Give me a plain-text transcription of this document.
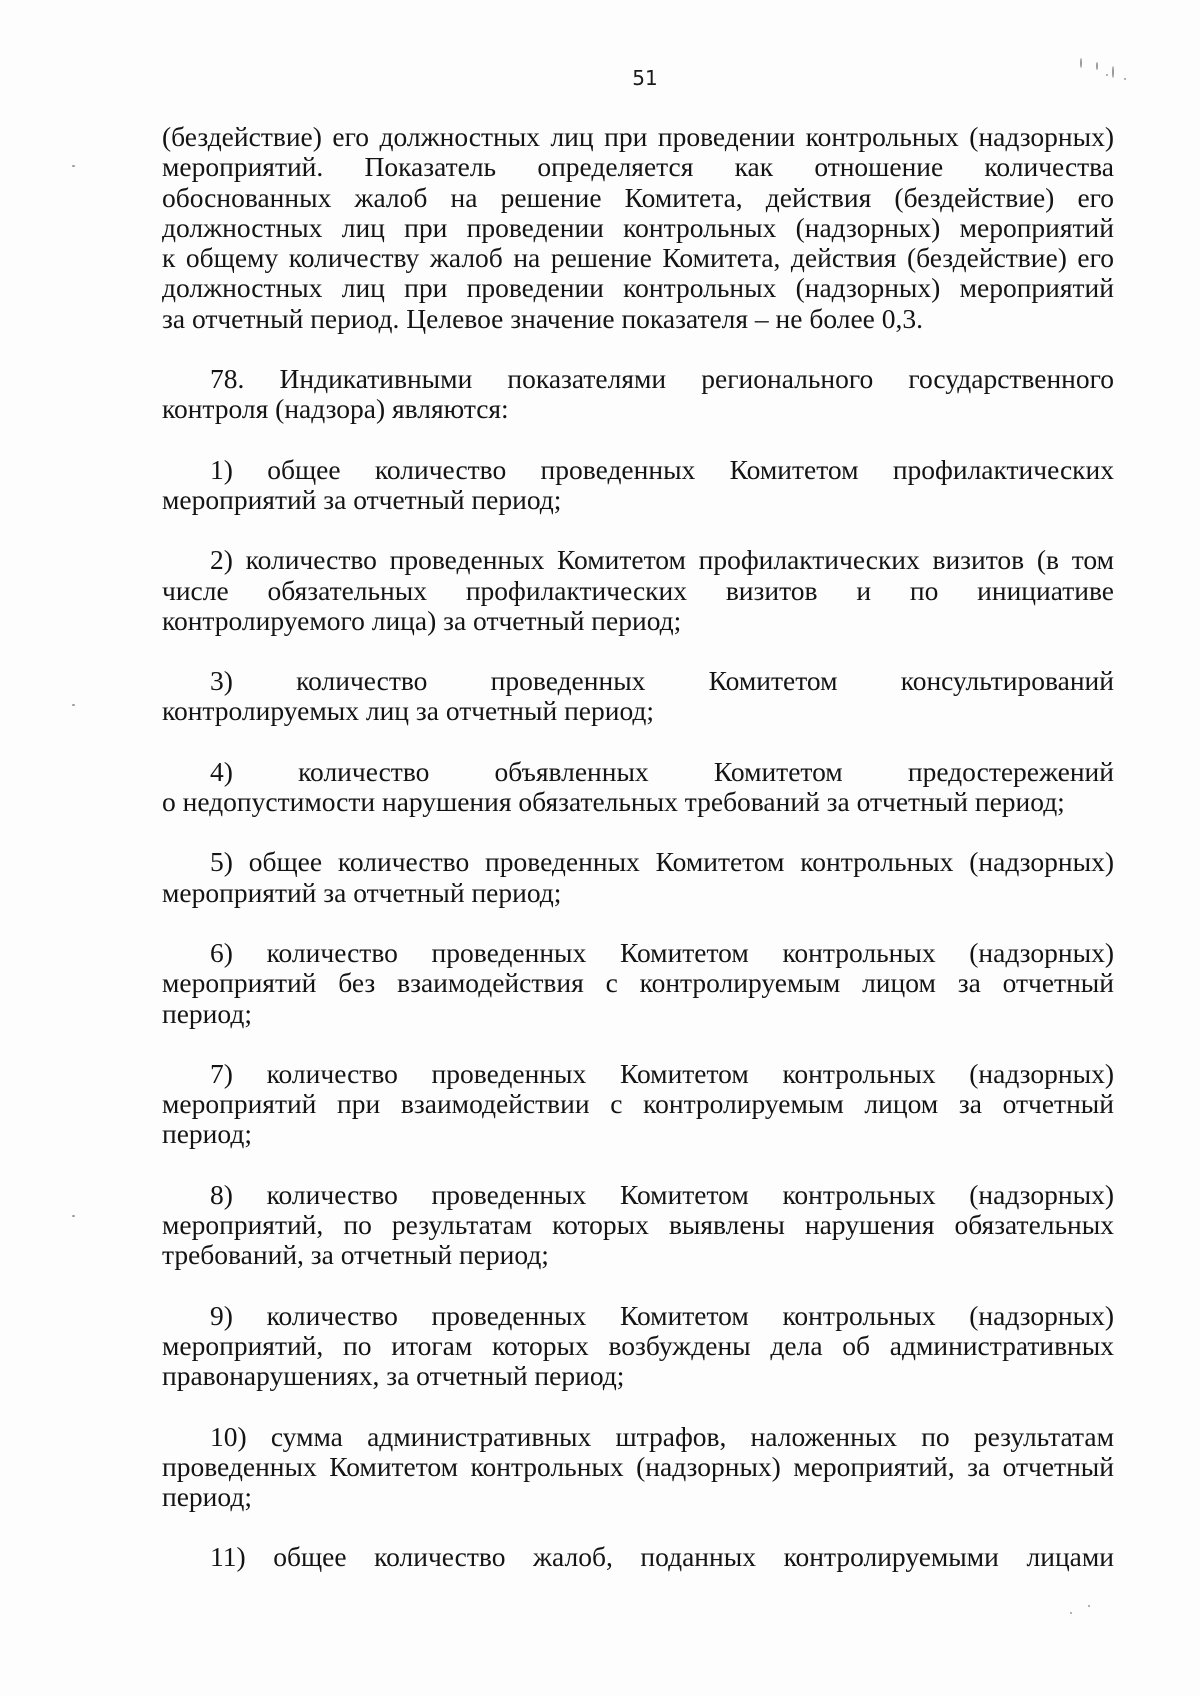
51
(бездействие) его должностных лиц при проведении контрольных (надзорных)
мероприятий. Показатель определяется как отношение количества
обоснованных жалоб на решение Комитета, действия (бездействие) его
должностных лиц при проведении контрольных (надзорных) мероприятий
к общему количеству жалоб на решение Комитета, действия (бездействие) его
должностных лиц при проведении контрольных (надзорных) мероприятий
за отчетный период. Целевое значение показателя – не более 0,3.
78. Индикативными показателями регионального государственного
контроля (надзора) являются:
1) общее количество проведенных Комитетом профилактических
мероприятий за отчетный период;
2) количество проведенных Комитетом профилактических визитов (в том
числе обязательных профилактических визитов и по инициативе
контролируемого лица) за отчетный период;
3) количество проведенных Комитетом консультирований
контролируемых лиц за отчетный период;
4) количество объявленных Комитетом предостережений
о недопустимости нарушения обязательных требований за отчетный период;
5) общее количество проведенных Комитетом контрольных (надзорных)
мероприятий за отчетный период;
6) количество проведенных Комитетом контрольных (надзорных)
мероприятий без взаимодействия с контролируемым лицом за отчетный
период;
7) количество проведенных Комитетом контрольных (надзорных)
мероприятий при взаимодействии с контролируемым лицом за отчетный
период;
8) количество проведенных Комитетом контрольных (надзорных)
мероприятий, по результатам которых выявлены нарушения обязательных
требований, за отчетный период;
9) количество проведенных Комитетом контрольных (надзорных)
мероприятий, по итогам которых возбуждены дела об административных
правонарушениях, за отчетный период;
10) сумма административных штрафов, наложенных по результатам
проведенных Комитетом контрольных (надзорных) мероприятий, за отчетный
период;
11) общее количество жалоб, поданных контролируемыми лицами
